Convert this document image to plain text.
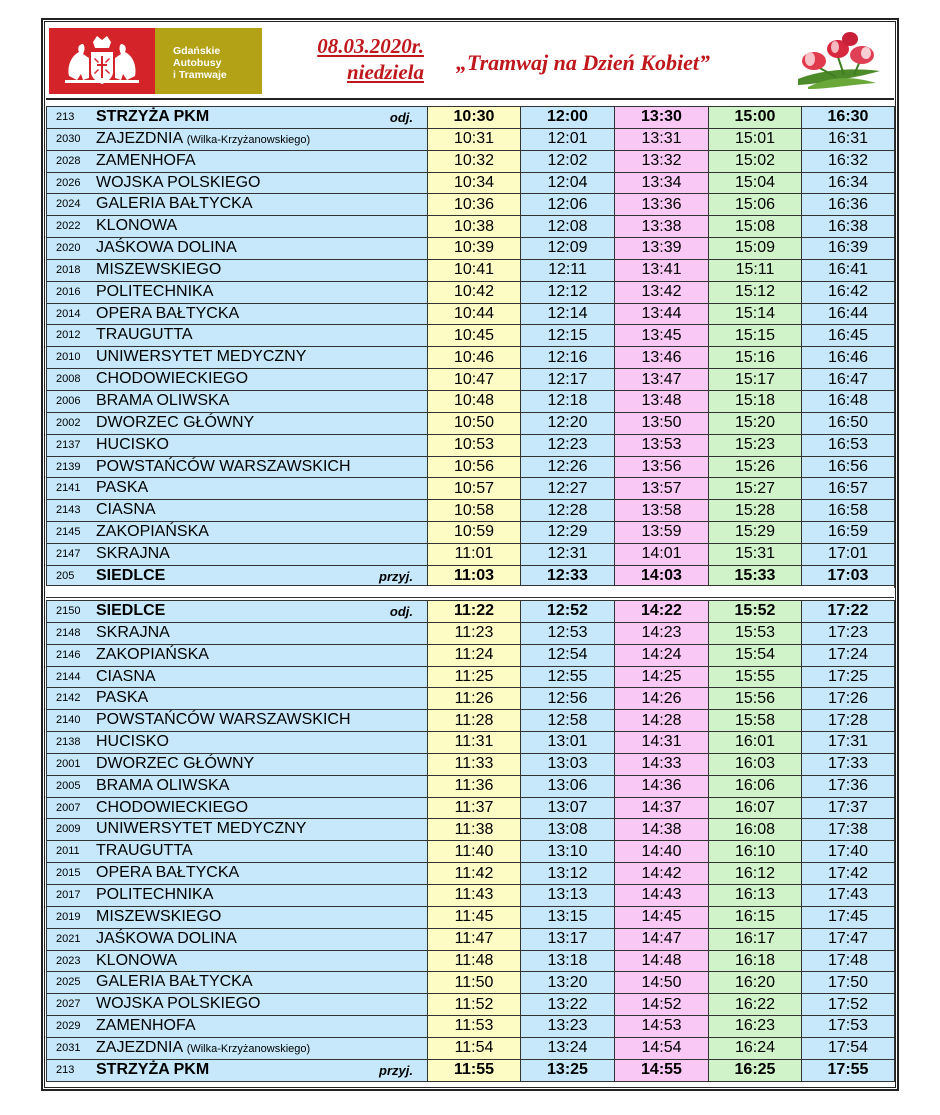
Gdańskie
Autobusy
i Tramwaje
08.03.2020r.
niedziela „Tramwaj na Dzień Kobiet”
213 STRZYŻA PKM odj.	10:30	12:00	13:30	15:00	16:30

2030 ZAJEZDNIA (Wilka-Krzyżanowskiego)	10:31	12:01	13:31	15:01	16:31

2028 ZAMENHOFA	10:32	12:02	13:32	15:02	16:32

2026 WOJSKA POLSKIEGO	10:34	12:04	13:34	15:04	16:34

2024 GALERIA BAŁTYCKA	10:36	12:06	13:36	15:06	16:36

2022 KLONOWA	10:38	12:08	13:38	15:08	16:38

2020 JAŚKOWA DOLINA	10:39	12:09	13:39	15:09	16:39

2018 MISZEWSKIEGO	10:41	12:11	13:41	15:11	16:41

2016 POLITECHNIKA	10:42	12:12	13:42	15:12	16:42

2014 OPERA BAŁTYCKA	10:44	12:14	13:44	15:14	16:44

2012 TRAUGUTTA	10:45	12:15	13:45	15:15	16:45

2010 UNIWERSYTET MEDYCZNY	10:46	12:16	13:46	15:16	16:46

2008 CHODOWIECKIEGO	10:47	12:17	13:47	15:17	16:47

2006 BRAMA OLIWSKA	10:48	12:18	13:48	15:18	16:48

2002 DWORZEC GŁÓWNY	10:50	12:20	13:50	15:20	16:50

2137 HUCISKO	10:53	12:23	13:53	15:23	16:53

2139 POWSTAŃCÓW WARSZAWSKICH	10:56	12:26	13:56	15:26	16:56

2141 PASKA	10:57	12:27	13:57	15:27	16:57

2143 CIASNA	10:58	12:28	13:58	15:28	16:58

2145 ZAKOPIAŃSKA	10:59	12:29	13:59	15:29	16:59

2147 SKRAJNA	11:01	12:31	14:01	15:31	17:01

205 SIEDLCE przyj.	11:03	12:33	14:03	15:33	17:03
2150 SIEDLCE odj.	11:22	12:52	14:22	15:52	17:22

2148 SKRAJNA	11:23	12:53	14:23	15:53	17:23

2146 ZAKOPIAŃSKA	11:24	12:54	14:24	15:54	17:24

2144 CIASNA	11:25	12:55	14:25	15:55	17:25

2142 PASKA	11:26	12:56	14:26	15:56	17:26

2140 POWSTAŃCÓW WARSZAWSKICH	11:28	12:58	14:28	15:58	17:28

2138 HUCISKO	11:31	13:01	14:31	16:01	17:31

2001 DWORZEC GŁÓWNY	11:33	13:03	14:33	16:03	17:33

2005 BRAMA OLIWSKA	11:36	13:06	14:36	16:06	17:36

2007 CHODOWIECKIEGO	11:37	13:07	14:37	16:07	17:37

2009 UNIWERSYTET MEDYCZNY	11:38	13:08	14:38	16:08	17:38

2011 TRAUGUTTA	11:40	13:10	14:40	16:10	17:40

2015 OPERA BAŁTYCKA	11:42	13:12	14:42	16:12	17:42

2017 POLITECHNIKA	11:43	13:13	14:43	16:13	17:43

2019 MISZEWSKIEGO	11:45	13:15	14:45	16:15	17:45

2021 JAŚKOWA DOLINA	11:47	13:17	14:47	16:17	17:47

2023 KLONOWA	11:48	13:18	14:48	16:18	17:48

2025 GALERIA BAŁTYCKA	11:50	13:20	14:50	16:20	17:50

2027 WOJSKA POLSKIEGO	11:52	13:22	14:52	16:22	17:52

2029 ZAMENHOFA	11:53	13:23	14:53	16:23	17:53

2031 ZAJEZDNIA (Wilka-Krzyżanowskiego)	11:54	13:24	14:54	16:24	17:54

213 STRZYŻA PKM przyj.	11:55	13:25	14:55	16:25	17:55
